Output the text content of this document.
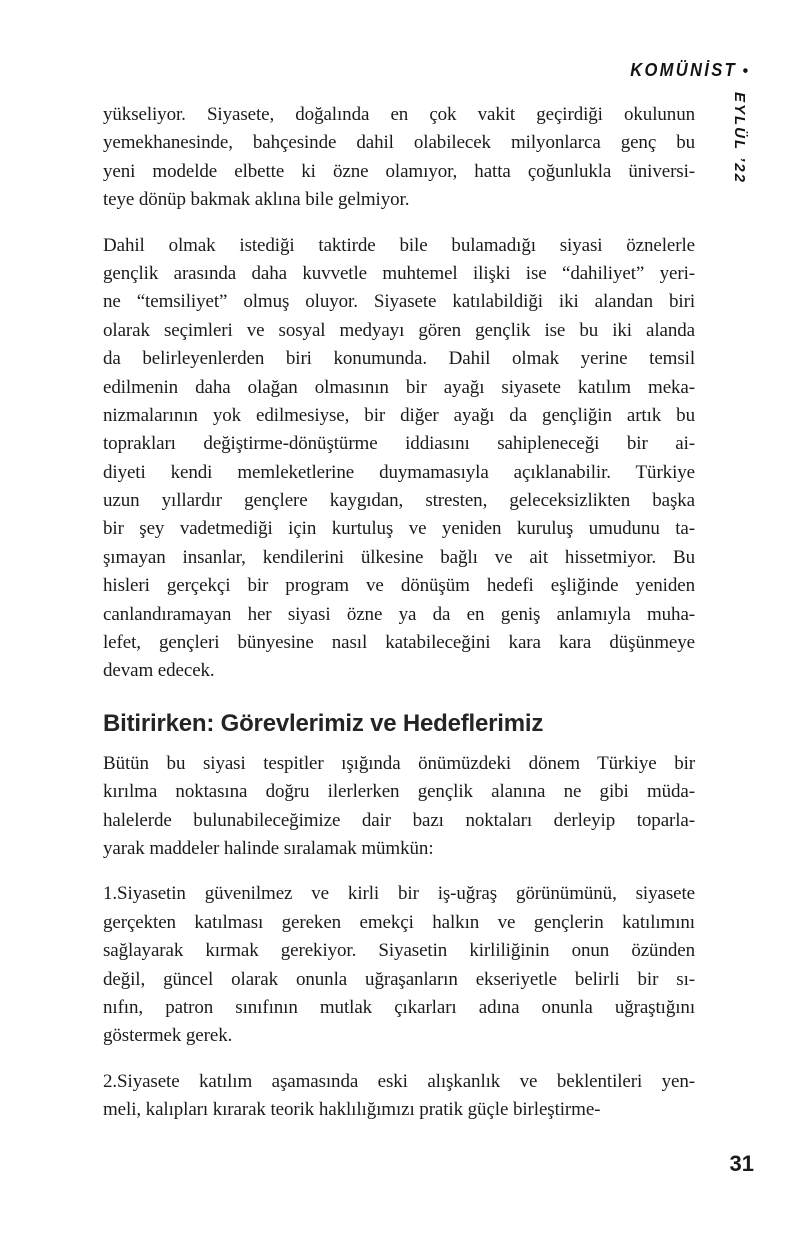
KOMÜNİST •
EYLÜL ’22

yükseliyor. Siyasete, doğalında en çok vakit geçirdiği okulunun
yemekhanesinde, bahçesinde dahil olabilecek milyonlarca genç bu
yeni modelde elbette ki özne olamıyor, hatta çoğunlukla üniversi-
teye dönüp bakmak aklına bile gelmiyor.

Dahil olmak istediği taktirde bile bulamadığı siyasi öznelerle
gençlik arasında daha kuvvetle muhtemel ilişki ise “dahiliyet” yeri-
ne “temsiliyet” olmuş oluyor. Siyasete katılabildiği iki alandan biri
olarak seçimleri ve sosyal medyayı gören gençlik ise bu iki alanda
da belirleyenlerden biri konumunda. Dahil olmak yerine temsil
edilmenin daha olağan olmasının bir ayağı siyasete katılım meka-
nizmalarının yok edilmesiyse, bir diğer ayağı da gençliğin artık bu
toprakları değiştirme-dönüştürme iddiasını sahipleneceği bir ai-
diyeti kendi memleketlerine duymamasıyla açıklanabilir. Türkiye
uzun yıllardır gençlere kaygıdan, stresten, geleceksizlikten başka
bir şey vadetmediği için kurtuluş ve yeniden kuruluş umudunu ta-
şımayan insanlar, kendilerini ülkesine bağlı ve ait hissetmiyor. Bu
hisleri gerçekçi bir program ve dönüşüm hedefi eşliğinde yeniden
canlandıramayan her siyasi özne ya da en geniş anlamıyla muha-
lefet, gençleri bünyesine nasıl katabileceğini kara kara düşünmeye
devam edecek.

Bitirirken: Görevlerimiz ve Hedeflerimiz

Bütün bu siyasi tespitler ışığında önümüzdeki dönem Türkiye bir
kırılma noktasına doğru ilerlerken gençlik alanına ne gibi müda-
halelerde bulunabileceğimize dair bazı noktaları derleyip toparla-
yarak maddeler halinde sıralamak mümkün:

1.Siyasetin güvenilmez ve kirli bir iş-uğraş görünümünü, siyasete
gerçekten katılması gereken emekçi halkın ve gençlerin katılımını
sağlayarak kırmak gerekiyor. Siyasetin kirliliğinin onun özünden
değil, güncel olarak onunla uğraşanların ekseriyetle belirli bir sı-
nıfın, patron sınıfının mutlak çıkarları adına onunla uğraştığını
göstermek gerek.

2.Siyasete katılım aşamasında eski alışkanlık ve beklentileri yen-
meli, kalıpları kırarak teorik haklılığımızı pratik güçle birleştirme-

31
